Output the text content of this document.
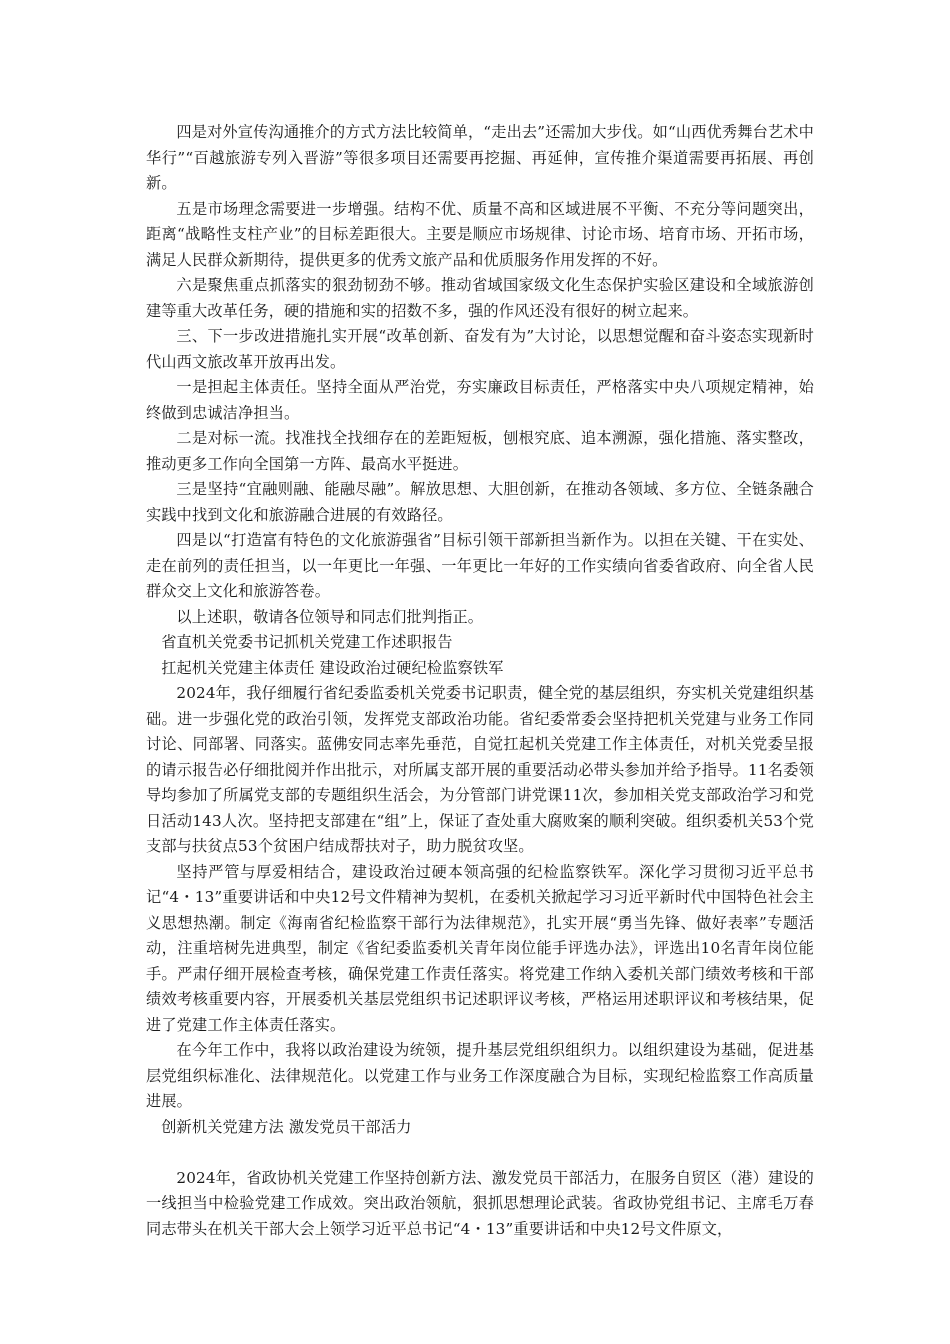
四是对外宣传沟通推介的方式方法比较简单，“走出去”还需加大步伐。如“山西优秀舞台艺术中华行”“百越旅游专列入晋游”等很多项目还需要再挖掘、再延伸，宣传推介渠道需要再拓展、再创新。

五是市场理念需要进一步增强。结构不优、质量不高和区域进展不平衡、不充分等问题突出，距离“战略性支柱产业”的目标差距很大。主要是顺应市场规律、讨论市场、培育市场、开拓市场，满足人民群众新期待，提供更多的优秀文旅产品和优质服务作用发挥的不好。

六是聚焦重点抓落实的狠劲韧劲不够。推动省域国家级文化生态保护实验区建设和全域旅游创建等重大改革任务，硬的措施和实的招数不多，强的作风还没有很好的树立起来。

三、下一步改进措施扎实开展“改革创新、奋发有为”大讨论，以思想觉醒和奋斗姿态实现新时代山西文旅改革开放再出发。

一是担起主体责任。坚持全面从严治党，夯实廉政目标责任，严格落实中央八项规定精神，始终做到忠诚洁净担当。

二是对标一流。找准找全找细存在的差距短板，刨根究底、追本溯源，强化措施、落实整改，推动更多工作向全国第一方阵、最高水平挺进。

三是坚持“宜融则融、能融尽融”。解放思想、大胆创新，在推动各领域、多方位、全链条融合实践中找到文化和旅游融合进展的有效路径。

四是以“打造富有特色的文化旅游强省”目标引领干部新担当新作为。以担在关键、干在实处、走在前列的责任担当，以一年更比一年强、一年更比一年好的工作实绩向省委省政府、向全省人民群众交上文化和旅游答卷。

以上述职，敬请各位领导和同志们批判指正。

省直机关党委书记抓机关党建工作述职报告

扛起机关党建主体责任 建设政治过硬纪检监察铁军

2024年，我仔细履行省纪委监委机关党委书记职责，健全党的基层组织，夯实机关党建组织基础。进一步强化党的政治引领，发挥党支部政治功能。省纪委常委会坚持把机关党建与业务工作同讨论、同部署、同落实。蓝佛安同志率先垂范，自觉扛起机关党建工作主体责任，对机关党委呈报的请示报告必仔细批阅并作出批示，对所属支部开展的重要活动必带头参加并给予指导。11名委领导均参加了所属党支部的专题组织生活会，为分管部门讲党课11次，参加相关党支部政治学习和党日活动143人次。坚持把支部建在“组”上，保证了查处重大腐败案的顺利突破。组织委机关53个党支部与扶贫点53个贫困户结成帮扶对子，助力脱贫攻坚。

坚持严管与厚爱相结合，建设政治过硬本领高强的纪检监察铁军。深化学习贯彻习近平总书记“4・13”重要讲话和中央12号文件精神为契机，在委机关掀起学习习近平新时代中国特色社会主义思想热潮。制定《海南省纪检监察干部行为法律规范》，扎实开展“勇当先锋、做好表率”专题活动，注重培树先进典型，制定《省纪委监委机关青年岗位能手评选办法》，评选出10名青年岗位能手。严肃仔细开展检查考核，确保党建工作责任落实。将党建工作纳入委机关部门绩效考核和干部绩效考核重要内容，开展委机关基层党组织书记述职评议考核，严格运用述职评议和考核结果，促进了党建工作主体责任落实。

在今年工作中，我将以政治建设为统领，提升基层党组织组织力。以组织建设为基础，促进基层党组织标准化、法律规范化。以党建工作与业务工作深度融合为目标，实现纪检监察工作高质量进展。

创新机关党建方法 激发党员干部活力

2024年，省政协机关党建工作坚持创新方法、激发党员干部活力，在服务自贸区（港）建设的一线担当中检验党建工作成效。突出政治领航，狠抓思想理论武装。省政协党组书记、主席毛万春同志带头在机关干部大会上领学习近平总书记“4・13”重要讲话和中央12号文件原文，
